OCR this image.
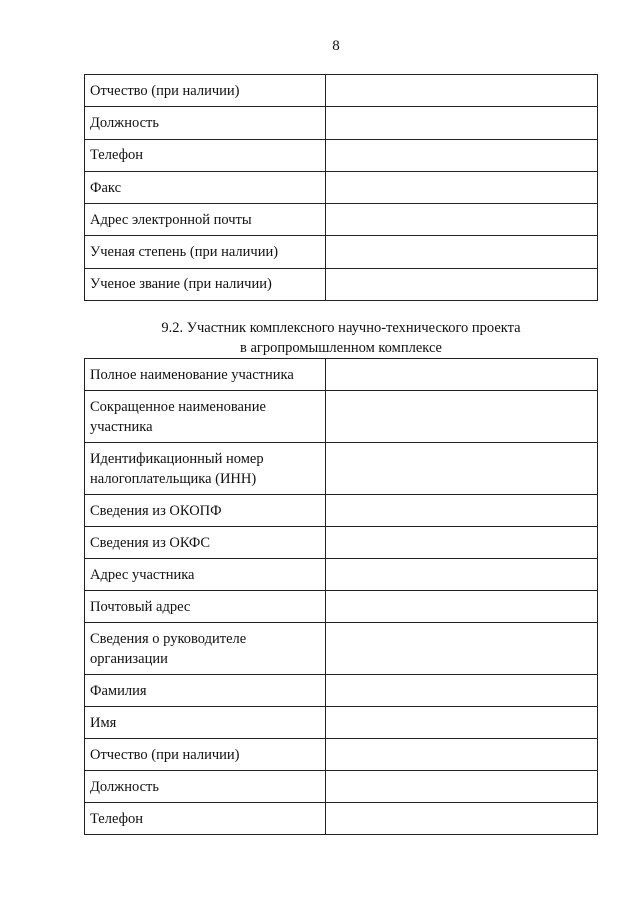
8
Отчество (при наличии)	
Должность	
Телефон	
Факс	
Адрес электронной почты	
Ученая степень (при наличии)	
Ученое звание (при наличии)	
9.2. Участник комплексного научно-технического проекта
в агропромышленном комплексе
Полное наименование участника	
Сокращенное наименование участника	
Идентификационный номер налогоплательщика (ИНН)	
Сведения из ОКОПФ	
Сведения из ОКФС	
Адрес участника	
Почтовый адрес	
Сведения о руководителе организации	
Фамилия	
Имя	
Отчество (при наличии)	
Должность	
Телефон	
